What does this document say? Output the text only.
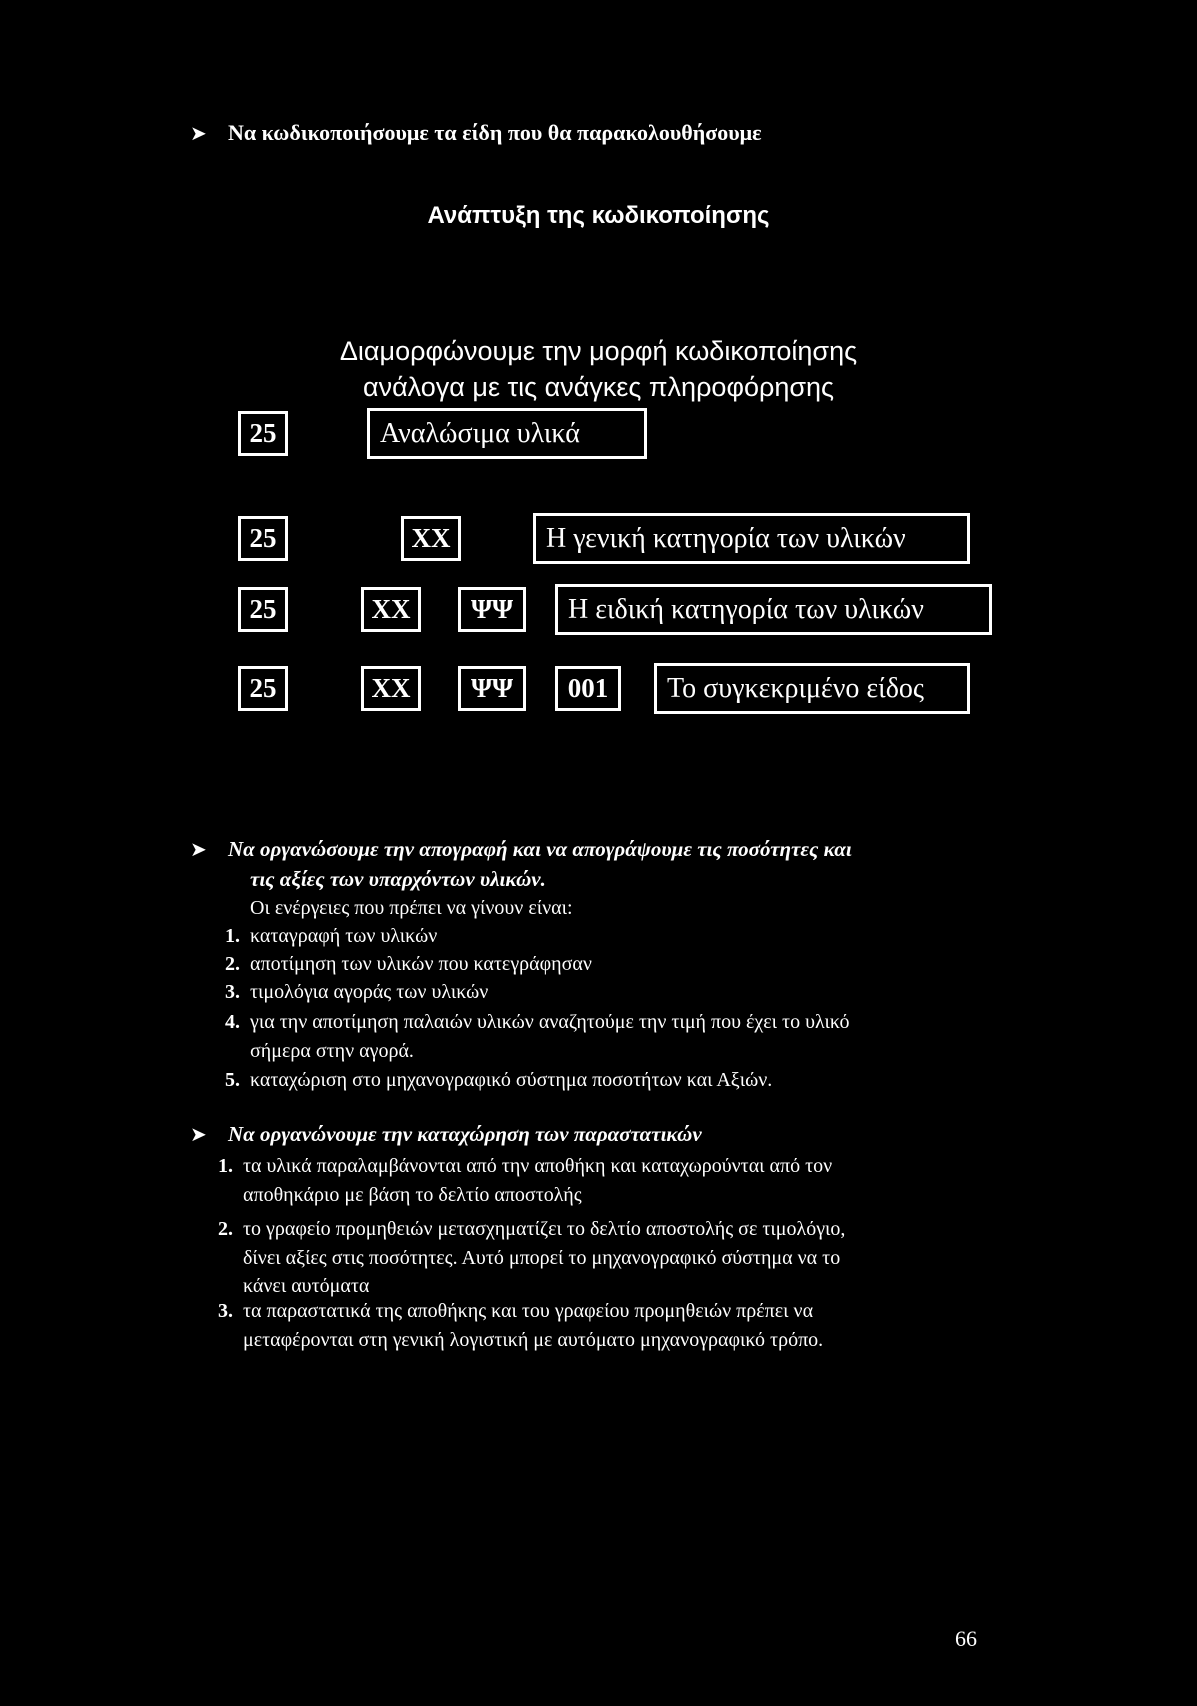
➤ Να κωδικοποιήσουμε τα είδη που θα παρακολουθήσουμε
Ανάπτυξη της κωδικοποίησης
Διαμορφώνουμε την μορφή κωδικοποίησης
ανάλογα με τις ανάγκες πληροφόρησης
25	Αναλώσιμα υλικά
25	XX	Η γενική κατηγορία των υλικών
25	XX	ΨΨ	Η ειδική κατηγορία των υλικών
25	XX	ΨΨ	001	Το συγκεκριμένο είδος
➤ Να οργανώσουμε την απογραφή και να απογράψουμε τις ποσότητες και
τις αξίες των υπαρχόντων υλικών.
Οι ενέργειες που πρέπει να γίνουν είναι:
1. καταγραφή των υλικών
2. αποτίμηση των υλικών που κατεγράφησαν
3. τιμολόγια αγοράς των υλικών
4. για την αποτίμηση παλαιών υλικών αναζητούμε την τιμή που έχει το υλικό
σήμερα στην αγορά.
5. καταχώριση στο μηχανογραφικό σύστημα ποσοτήτων και Αξιών.
➤ Να οργανώνουμε την καταχώρηση των παραστατικών
1. τα υλικά παραλαμβάνονται από την αποθήκη και καταχωρούνται από τον
αποθηκάριο με βάση το δελτίο αποστολής
2. το γραφείο προμηθειών μετασχηματίζει το δελτίο αποστολής σε τιμολόγιο,
δίνει αξίες στις ποσότητες. Αυτό μπορεί το μηχανογραφικό σύστημα να το
κάνει αυτόματα
3. τα παραστατικά της αποθήκης και του γραφείου προμηθειών πρέπει να
μεταφέρονται στη γενική λογιστική με αυτόματο μηχανογραφικό τρόπο.
66
